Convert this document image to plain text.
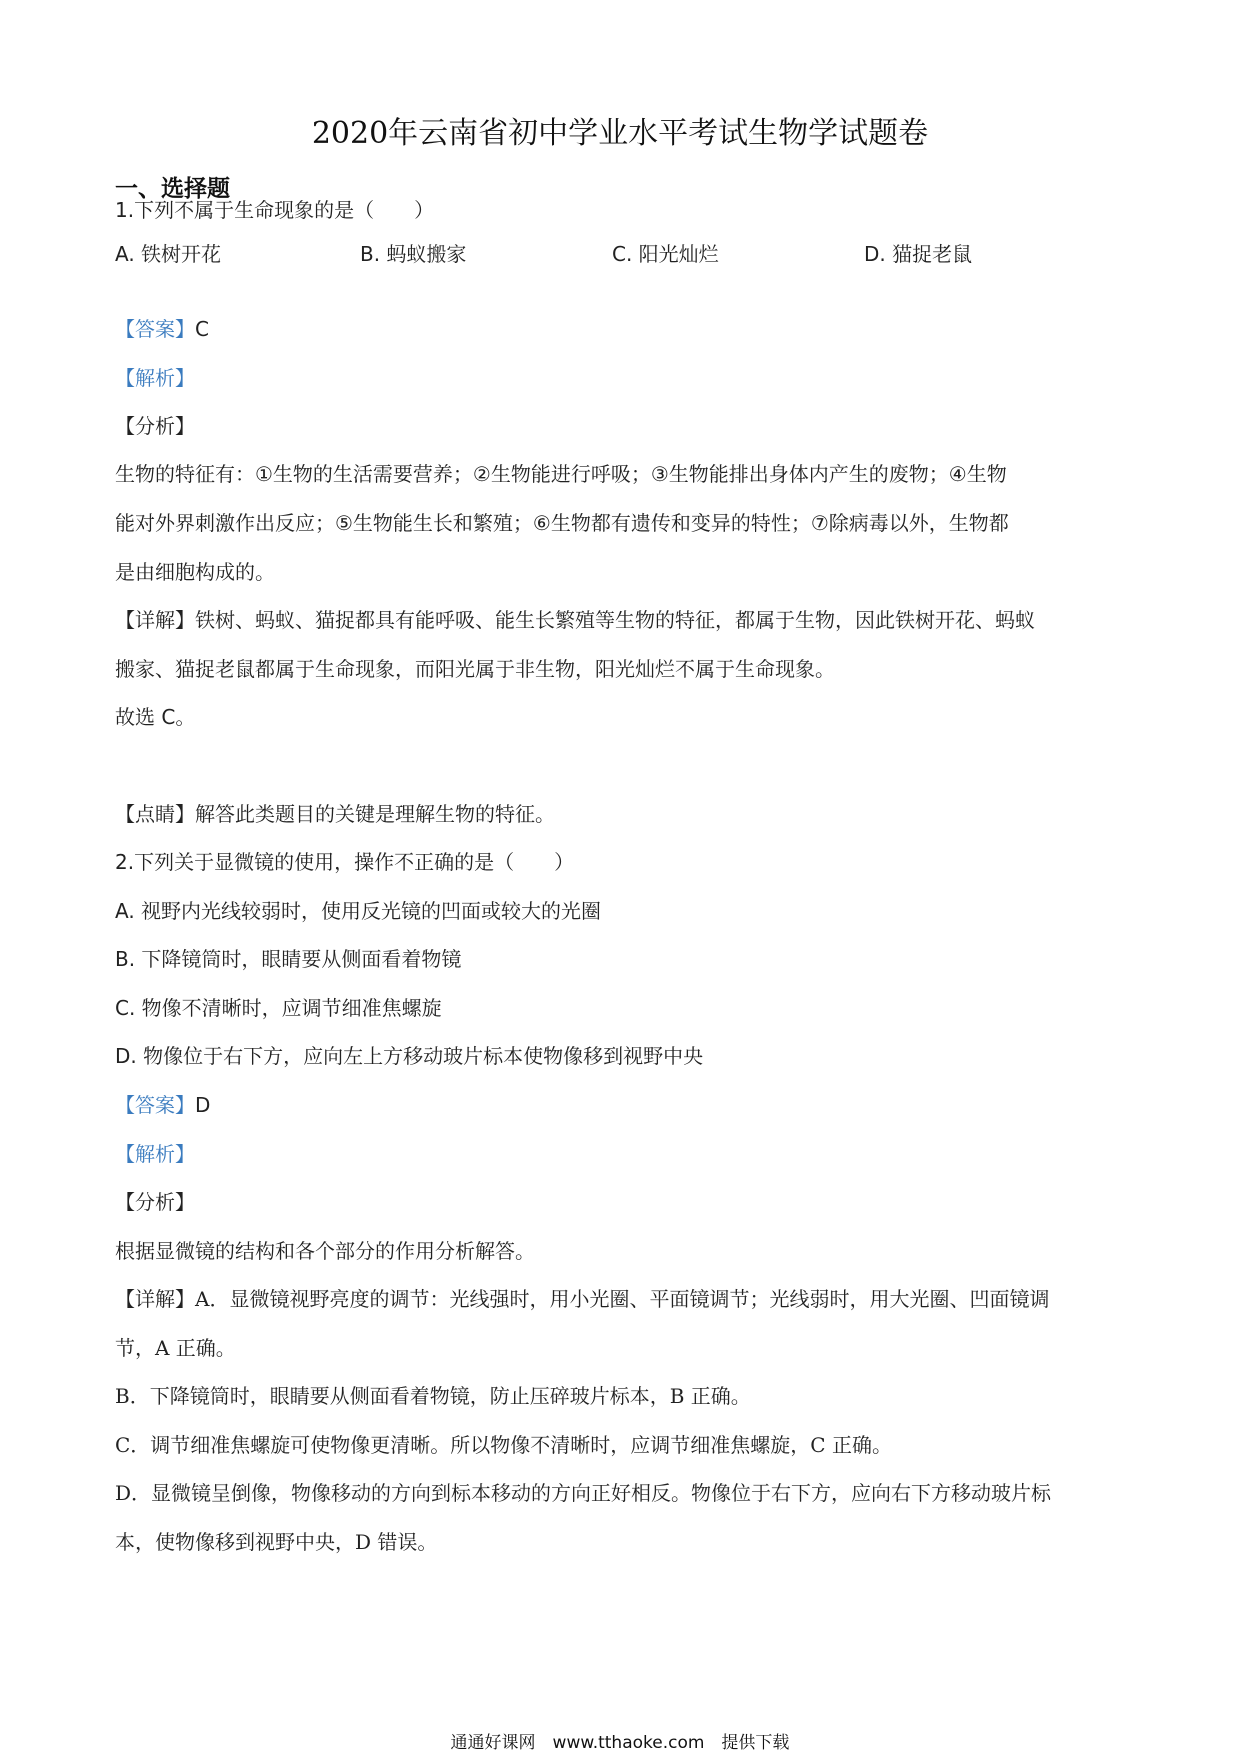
2020年云南省初中学业水平考试生物学试题卷
一、选择题
1.下列不属于生命现象的是（　　）
A. 铁树开花	B. 蚂蚁搬家	C. 阳光灿烂	D. 猫捉老鼠
【答案】C
【解析】
【分析】
生物的特征有：①生物的生活需要营养；②生物能进行呼吸；③生物能排出身体内产生的废物；④生物
能对外界刺激作出反应；⑤生物能生长和繁殖；⑥生物都有遗传和变异的特性；⑦除病毒以外，生物都
是由细胞构成的。
【详解】铁树、蚂蚁、猫捉都具有能呼吸、能生长繁殖等生物的特征，都属于生物，因此铁树开花、蚂蚁
搬家、猫捉老鼠都属于生命现象，而阳光属于非生物，阳光灿烂不属于生命现象。
故选 C。
【点睛】解答此类题目的关键是理解生物的特征。
2.下列关于显微镜的使用，操作不正确的是（　　）
A. 视野内光线较弱时，使用反光镜的凹面或较大的光圈
B. 下降镜筒时，眼睛要从侧面看着物镜
C. 物像不清晰时，应调节细准焦螺旋
D. 物像位于右下方，应向左上方移动玻片标本使物像移到视野中央
【答案】D
【解析】
【分析】
根据显微镜的结构和各个部分的作用分析解答。
【详解】A．显微镜视野亮度的调节：光线强时，用小光圈、平面镜调节；光线弱时，用大光圈、凹面镜调
节，A 正确。
B．下降镜筒时，眼睛要从侧面看着物镜，防止压碎玻片标本，B 正确。
C．调节细准焦螺旋可使物像更清晰。所以物像不清晰时，应调节细准焦螺旋，C 正确。
D．显微镜呈倒像，物像移动的方向到标本移动的方向正好相反。物像位于右下方，应向右下方移动玻片标
本，使物像移到视野中央，D 错误。
通通好课网　www.tthaoke.com　提供下载
